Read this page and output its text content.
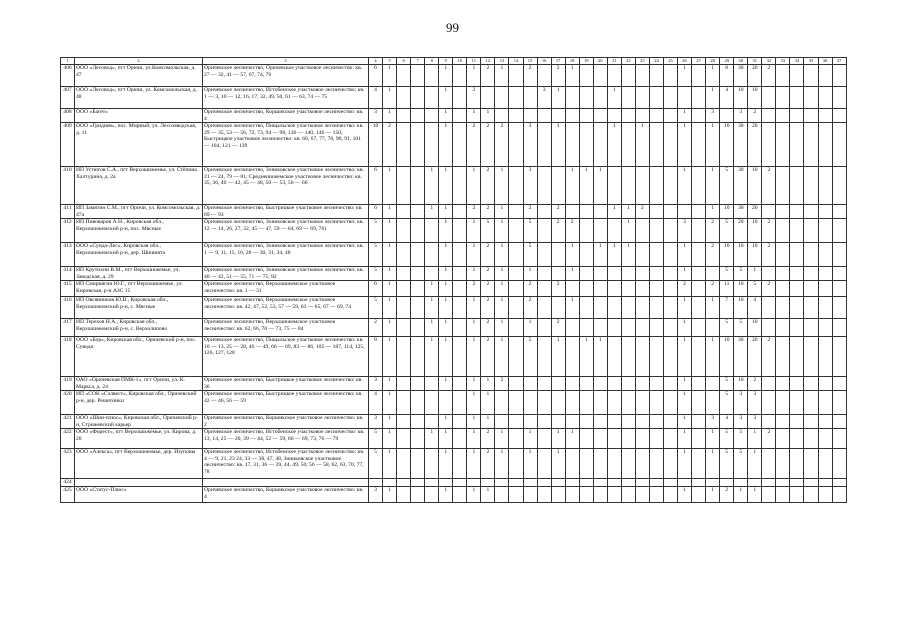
99
1	2	3	4	5	6	7	8	9	10	11	12	13	14	15	16	17	18	19	20	21	22	23	24	25	26	27	28	29	30	31	32	33	34	35	36	37
406	ООО «Лесовод», пгт Оричи, ул.Комсомольская, д. 47	Оричевское лесничество, Оричевское участковое лесничество: кв. 27 — 32, 41 — 57, 67, 74, 79	6	1				1		1	2	1		2		2	1								1		1	8	30	20	2					
407	ООО «Лесовод», пгт Оричи, ул. Комсомольская, д. 48	Оричевское лесничество, Истобенское участковое лесничество: кв. 1 — 3, 10 — 12, 16, 17, 32, 49, 50, 61 — 63, 74 — 75	4	1				1		2					3	1				1							1	4	10	10						
408	ООО «Багет»	Оричевское лесничество, Коршикское участковое лесничество: кв. 4	3	1				1		1	1														1		3		3	2						
409	ООО «Гриднев», пос. Мирный, ул. Лесозаводская, д. 11	Оричевское лесничество, Пищальское участковое лесничество: кв. 29 — 35, 53 — 56, 72, 73, 94 — 98, 136 — 140, 146 — 150, Быстрицкое участковое лесничество: кв. 66, 67, 77, 78, 90, 91, 101 — 104, 121 — 139	10	2				1		2	2	2		3		1				1		1			1		1	10	30	20						
410	ИП Устюгов С.А., пгт Верхошижемье, ул. Стёпина Халтурина, д. 2а	Оричевское лесничество, Зониковское участковое лесничество: кв. 21 — 24, 79 — 81; Среднешижемское участковое лесничество: кв. 35, 36, 40 — 42, 45 — 48, 50 — 53, 56 — 60	6	1			1	1		1	2	1		3			1	1	1						1		1	5	30	10	2					
411	ИП Замятин С.М., пгт Оричи, ул. Комсомольская, д. 47а	Оричевское лесничество, Быстрицкое участковое лесничество: кв. 69 — 93	6	1			1	1		2	2	1		2		2				1	1	2					1	10	30	20						
412	ИП Пивоваров А.Н., Кировская обл., Верхошижемский р-н, пос. Мясные	Оричевское лесничество, Зониковское участковое лесничество: кв. 12 — 14, 26, 27, 32, 45 — 47, 59 — 64, 69 — 69, 76)	5	1				1		1	5	1		5		2	2				1				3		2	5	20	10	2					
413	ООО «Сунда-Лес», Кировская обл., Верхошижемский р-н, дер. Шишнята	Оричевское лесничество, Зониковское участковое лесничество: кв. 1 — 9, 11, 15, 16, 28 — 30, 31, 34, 48	5	1				1		1	2	1		5			1		1	1	1				1		2	10	10	10	2					
414	ИП Крутихин В.М., пгт Верхошижемье, ул. Заводская, д. 29	Оричевское лесничество, Зониковское участковое лесничество: кв. 40 — 42, 51 — 55, 71 — 75, 82	5	1				1		1	2	1		1			1								1			5	5	1						
415	ИП Смирнягин Ю.Г., пгт Верхошижемье, ул. Кировская, р-н АЗС 15	Оричевское лесничество, Верхошижемское участковое лесничество: кв. 1 — 31	6	1			1	1		2	2	1		2		2									2		2	11	10	5	2					
416	ИП Овсянников Ю.В., Кировская обл., Верхошижемский р-н, с. Мясные	Оричевское лесничество, Верхошижемское участковое лесничество: кв. 42, 47, 52, 53, 57 — 59, 63 — 65, 67 — 69, 74	5	1			1	1		1	2	1		2			1								1		1	7	10	4						
417	ИП Терехов Н.А., Кировская обл., Верхошижемский р-н, с. Верхолипово	Оричевское лесничество, Верхошижемское участковое лесничество: кв. 62, 66, 70 — 73, 75 — 84	2	1			1	1		1	2	1		1		2									1			5	5	10						
418	ООО «Бор», Кировская обл., Оричевский р-н, пос. Суводи	Оричевское лесничество, Пищальское участковое лесничество: кв. 10 — 13, 25 — 28, 46 — 49, 66 — 69, 83 — 86, 105 — 107, 114, 125, 126, 127, 128	8	1			1	1		1	2	1		5		1		1	1						1		1	10	30	20	2					
419	ОАО «Оричевская ПМК-1», пгт Оричи, ул. К. Маркса, д. 24	Оричевское лесничество, Быстрицкое участковое лесничество: кв. 36	3	1				1		1	1	2													1			5	10	2						
420	ИП «СОК «Сэлвест», Кировская обл., Оричевский р-н, дер. Решетники	Оричевское лесничество, Быстрицкое участковое лесничество: кв. 42 — 46, 56 — 59	4	1						1	1														1			5	3	3						
421	ООО «Шин-плюс», Кировская обл., Оричевский р-н, Стрижевский карьер	Оричевское лесничество, Коршикское участковое лесничество: кв. 2	3	1				1		1	1														1		3	4	3	3						
422	ООО «Форест», пгт Верхошижемье, ул. Кирова, д. 20	Оричевское лесничество, Истобенское участковое лесничество: кв. 13, 14, 25 — 30, 39 — 44, 52 — 59, 66 — 69, 73, 76 — 79	5	1			1	1		1	2	1		1		1	1								1		1	5	5	1	2					
423	ООО «Алекса», пгт Верхошижемье, дер. Изуповы	Оричевское лесничество, Истобенское участковое лесничество: кв. 4 — 9, 21, 23 24, 33 — 38, 47, 48, Зониковское участковое лесничество: кв. 17, 31, 36 — 39, 44, 49, 50, 56 — 58, 62, 63, 70, 77, 78	5	1				1		1	2	1		1		1									1		1	5	5	1						
424																																				
425	ООО «Статус-Плюс»	Оричевское лесничество, Коршикское участковое лесничество: кв. 4	3	1				1		1	1														1		1	2	1	1						
